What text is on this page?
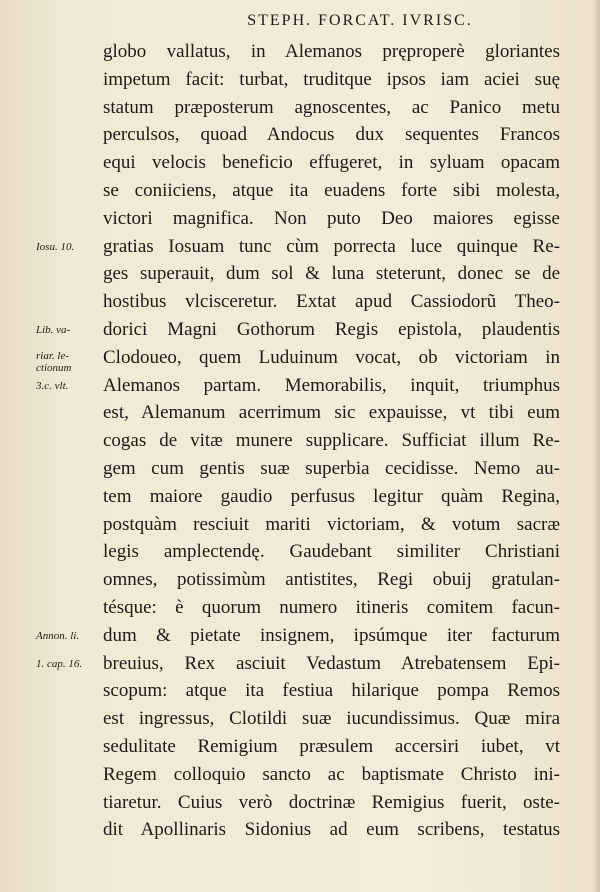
STEPH. FORCAT. IVRISC.
globo vallatus, in Alemanos pręproperè gloriantes
impetum facit: turbat, truditque ipsos iam aciei suę
statum præposterum agnoscentes, ac Panico metu
perculsos, quoad Andocus dux sequentes Francos
equi velocis beneficio effugeret, in syluam opacam
se coniiciens, atque ita euadens forte sibi molesta,
victori magnifica. Non puto Deo maiores egisse
Iosu. 10.	gratias Iosuam tunc cùm porrecta luce quinque Re-
ges superauit, dum sol & luna steterunt, donec se de
hostibus vlcisceretur. Extat apud Cassiodorũ Theo-
Lib. va-	dorici Magni Gothorum Regis epistola, plaudentis
riar. le-
ctionum	Clodoueo, quem Luduinum vocat, ob victoriam in
3.c. vlt.	Alemanos partam. Memorabilis, inquit, triumphus
est, Alemanum acerrimum sic expauisse, vt tibi eum
cogas de vitæ munere supplicare. Sufficiat illum Re-
gem cum gentis suæ superbia cecidisse. Nemo au-
tem maiore gaudio perfusus legitur quàm Regina,
postquàm resciuit mariti victoriam, & votum sacræ
legis amplectendę. Gaudebant similiter Christiani
omnes, potissimùm antistites, Regi obuij gratulan-
tésque: è quorum numero itineris comitem facun-
Annon. li.	dum & pietate insignem, ipsúmque iter facturum
1. cap. 16.	breuius, Rex asciuit Vedastum Atrebatensem Epi-
scopum: atque ita festiua hilarique pompa Remos
est ingressus, Clotildi suæ iucundissimus. Quæ mira
sedulitate Remigium præsulem accersiri iubet, vt
Regem colloquio sancto ac baptismate Christo ini-
tiaretur. Cuius verò doctrinæ Remigius fuerit, oste-
dit Apollinaris Sidonius ad eum scribens, testatus
